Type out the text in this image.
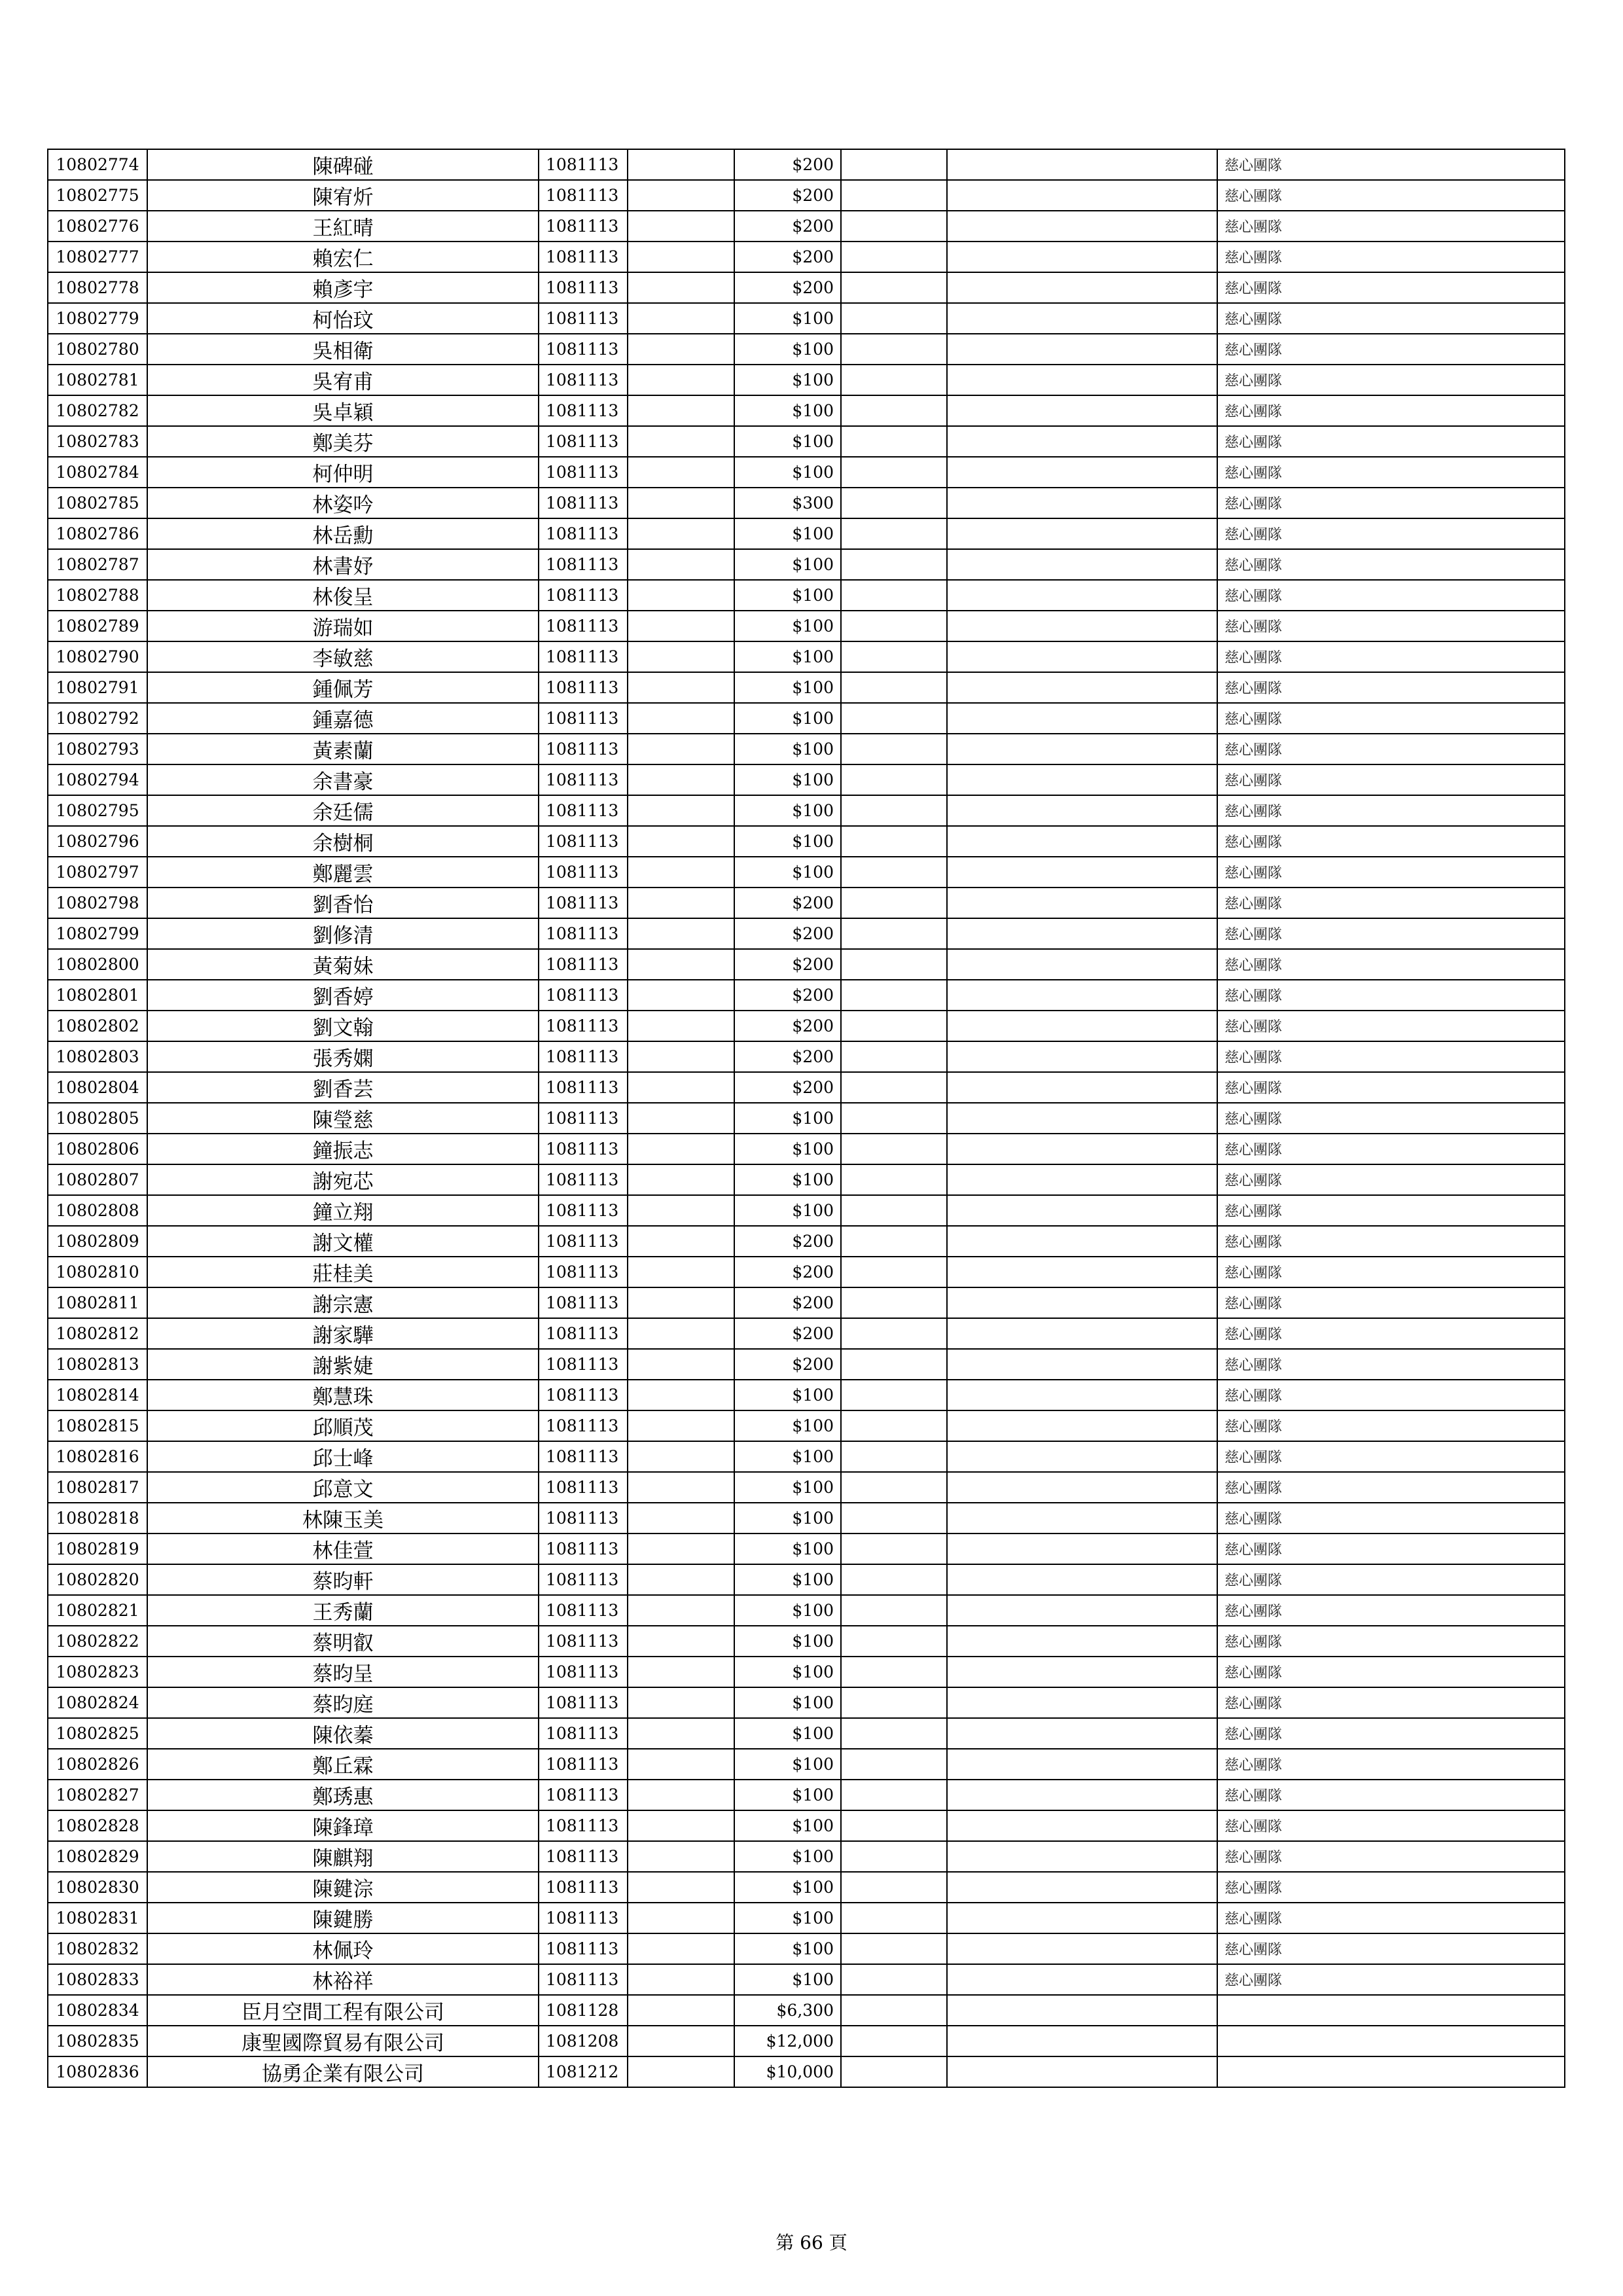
10802774	陳碑碰	1081113		$200			慈心團隊
10802775	陳宥炘	1081113		$200			慈心團隊
10802776	王紅晴	1081113		$200			慈心團隊
10802777	賴宏仁	1081113		$200			慈心團隊
10802778	賴彥宇	1081113		$200			慈心團隊
10802779	柯怡玟	1081113		$100			慈心團隊
10802780	吳相衛	1081113		$100			慈心團隊
10802781	吳宥甫	1081113		$100			慈心團隊
10802782	吳卓穎	1081113		$100			慈心團隊
10802783	鄭美芬	1081113		$100			慈心團隊
10802784	柯仲明	1081113		$100			慈心團隊
10802785	林姿吟	1081113		$300			慈心團隊
10802786	林岳勳	1081113		$100			慈心團隊
10802787	林書妤	1081113		$100			慈心團隊
10802788	林俊呈	1081113		$100			慈心團隊
10802789	游瑞如	1081113		$100			慈心團隊
10802790	李敏慈	1081113		$100			慈心團隊
10802791	鍾佩芳	1081113		$100			慈心團隊
10802792	鍾嘉德	1081113		$100			慈心團隊
10802793	黃素蘭	1081113		$100			慈心團隊
10802794	余書豪	1081113		$100			慈心團隊
10802795	余廷儒	1081113		$100			慈心團隊
10802796	余樹桐	1081113		$100			慈心團隊
10802797	鄭麗雲	1081113		$100			慈心團隊
10802798	劉香怡	1081113		$200			慈心團隊
10802799	劉修清	1081113		$200			慈心團隊
10802800	黃菊妹	1081113		$200			慈心團隊
10802801	劉香婷	1081113		$200			慈心團隊
10802802	劉文翰	1081113		$200			慈心團隊
10802803	張秀嫻	1081113		$200			慈心團隊
10802804	劉香芸	1081113		$200			慈心團隊
10802805	陳瑩慈	1081113		$100			慈心團隊
10802806	鐘振志	1081113		$100			慈心團隊
10802807	謝宛芯	1081113		$100			慈心團隊
10802808	鐘立翔	1081113		$100			慈心團隊
10802809	謝文權	1081113		$200			慈心團隊
10802810	莊桂美	1081113		$200			慈心團隊
10802811	謝宗憲	1081113		$200			慈心團隊
10802812	謝家驊	1081113		$200			慈心團隊
10802813	謝紫婕	1081113		$200			慈心團隊
10802814	鄭慧珠	1081113		$100			慈心團隊
10802815	邱順茂	1081113		$100			慈心團隊
10802816	邱士峰	1081113		$100			慈心團隊
10802817	邱意文	1081113		$100			慈心團隊
10802818	林陳玉美	1081113		$100			慈心團隊
10802819	林佳萱	1081113		$100			慈心團隊
10802820	蔡昀軒	1081113		$100			慈心團隊
10802821	王秀蘭	1081113		$100			慈心團隊
10802822	蔡明叡	1081113		$100			慈心團隊
10802823	蔡昀呈	1081113		$100			慈心團隊
10802824	蔡昀庭	1081113		$100			慈心團隊
10802825	陳依蓁	1081113		$100			慈心團隊
10802826	鄭丘霖	1081113		$100			慈心團隊
10802827	鄭琇惠	1081113		$100			慈心團隊
10802828	陳鋒璋	1081113		$100			慈心團隊
10802829	陳麒翔	1081113		$100			慈心團隊
10802830	陳鍵淙	1081113		$100			慈心團隊
10802831	陳鍵勝	1081113		$100			慈心團隊
10802832	林佩玲	1081113		$100			慈心團隊
10802833	林裕祥	1081113		$100			慈心團隊
10802834	臣月空間工程有限公司	1081128		$6,300			
10802835	康聖國際貿易有限公司	1081208		$12,000			
10802836	協勇企業有限公司	1081212		$10,000			
第 66 頁
